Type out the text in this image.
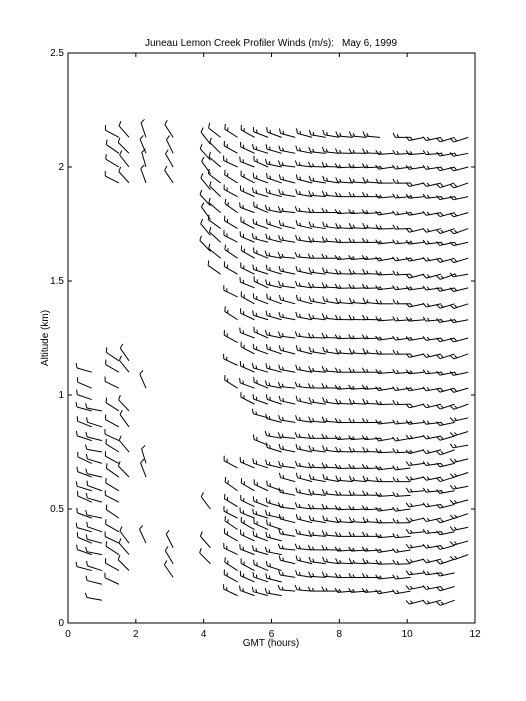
Juneau Lemon Creek Profiler Winds (m/s): May 6, 1999
0	2	4	6	8	10	12
0
0.5
1
1.5
2
2.5
GMT (hours)
Altitude (km)
